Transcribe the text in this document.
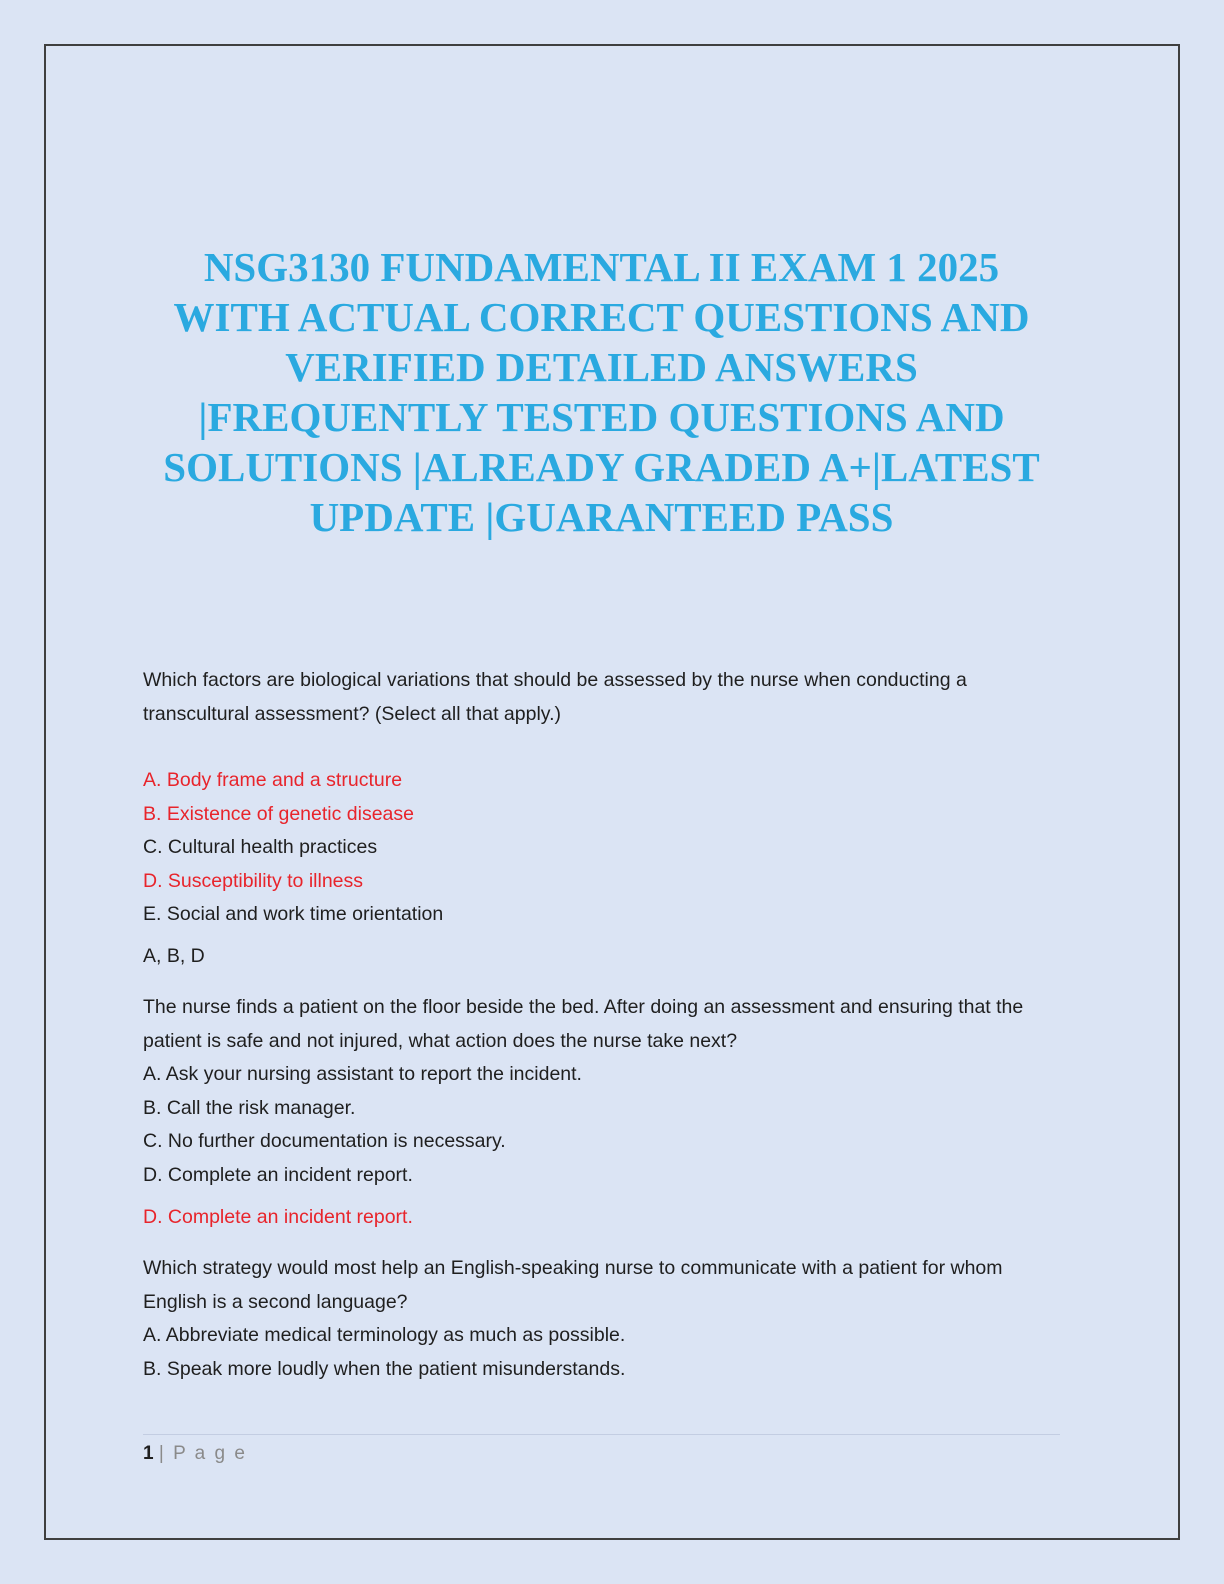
NSG3130 FUNDAMENTAL II EXAM 1 2025
WITH ACTUAL CORRECT QUESTIONS AND
VERIFIED DETAILED ANSWERS
|FREQUENTLY TESTED QUESTIONS AND
SOLUTIONS |ALREADY GRADED A+|LATEST
UPDATE |GUARANTEED PASS

Which factors are biological variations that should be assessed by the nurse when conducting a transcultural assessment? (Select all that apply.)

A. Body frame and a structure

B. Existence of genetic disease

C. Cultural health practices

D. Susceptibility to illness

E. Social and work time orientation

A, B, D

The nurse finds a patient on the floor beside the bed. After doing an assessment and ensuring that the patient is safe and not injured, what action does the nurse take next?

A. Ask your nursing assistant to report the incident.

B. Call the risk manager.

C. No further documentation is necessary.

D. Complete an incident report.

D. Complete an incident report.

Which strategy would most help an English-speaking nurse to communicate with a patient for whom English is a second language?

A. Abbreviate medical terminology as much as possible.

B. Speak more loudly when the patient misunderstands.

1 | P a g e
